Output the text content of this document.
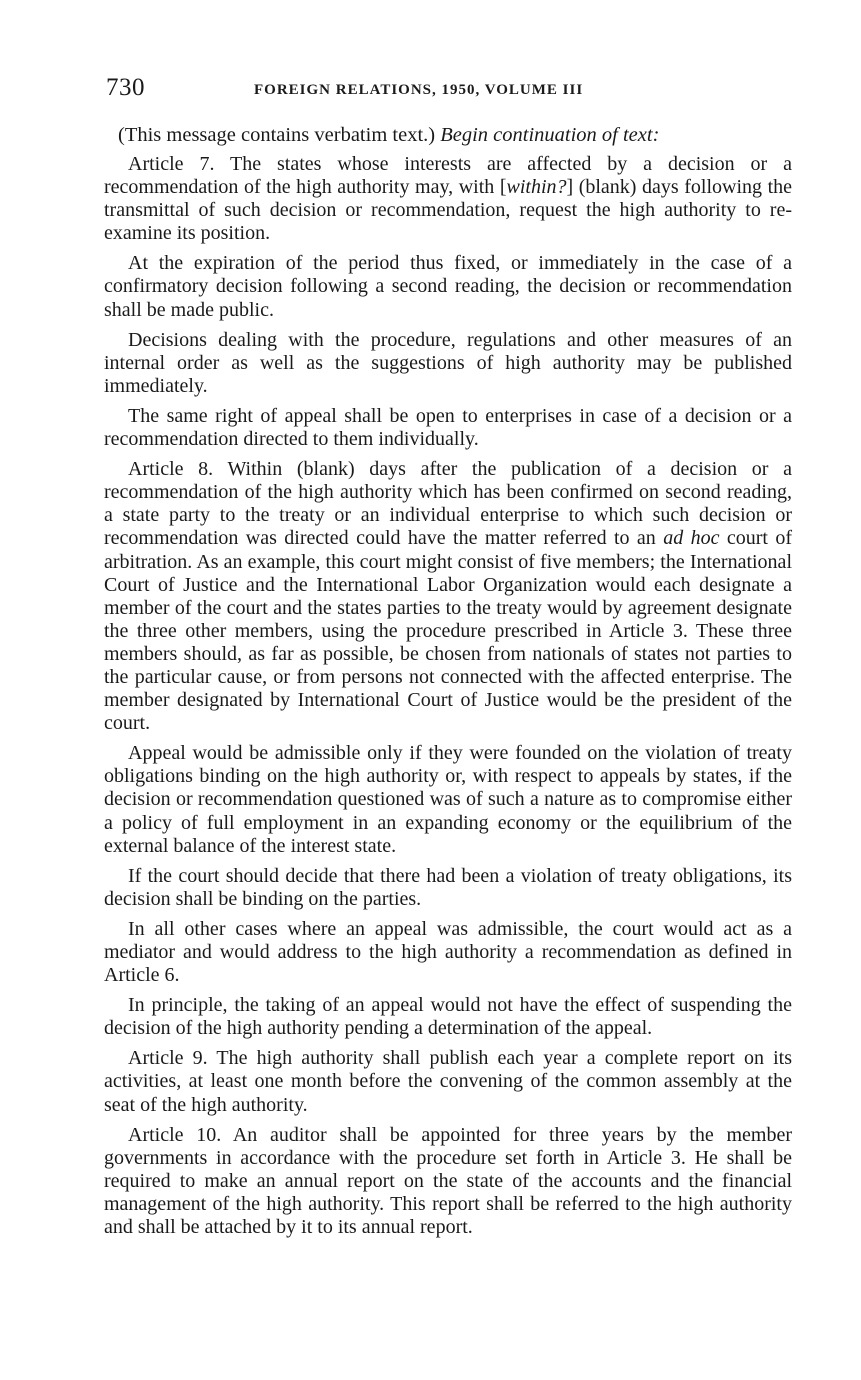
730	FOREIGN RELATIONS, 1950, VOLUME III
(This message contains verbatim text.) Begin continuation of text:

Article 7. The states whose interests are affected by a decision or a recommendation of the high authority may, with [within?] (blank) days following the transmittal of such decision or recommendation, request the high authority to re-examine its position.

At the expiration of the period thus fixed, or immediately in the case of a confirmatory decision following a second reading, the decision or recommendation shall be made public.

Decisions dealing with the procedure, regulations and other measures of an internal order as well as the suggestions of high authority may be published immediately.

The same right of appeal shall be open to enterprises in case of a decision or a recommendation directed to them individually.

Article 8. Within (blank) days after the publication of a decision or a recommendation of the high authority which has been confirmed on second reading, a state party to the treaty or an individual enterprise to which such decision or recommendation was directed could have the matter referred to an ad hoc court of arbitration. As an example, this court might consist of five members; the International Court of Justice and the International Labor Organization would each designate a member of the court and the states parties to the treaty would by agreement designate the three other members, using the procedure prescribed in Article 3. These three members should, as far as possible, be chosen from nationals of states not parties to the particular cause, or from persons not connected with the affected enterprise. The member designated by International Court of Justice would be the president of the court.

Appeal would be admissible only if they were founded on the violation of treaty obligations binding on the high authority or, with respect to appeals by states, if the decision or recommendation questioned was of such a nature as to compromise either a policy of full employment in an expanding economy or the equilibrium of the external balance of the interest state.

If the court should decide that there had been a violation of treaty obligations, its decision shall be binding on the parties.

In all other cases where an appeal was admissible, the court would act as a mediator and would address to the high authority a recommendation as defined in Article 6.

In principle, the taking of an appeal would not have the effect of suspending the decision of the high authority pending a determination of the appeal.

Article 9. The high authority shall publish each year a complete report on its activities, at least one month before the convening of the common assembly at the seat of the high authority.

Article 10. An auditor shall be appointed for three years by the member governments in accordance with the procedure set forth in Article 3. He shall be required to make an annual report on the state of the accounts and the financial management of the high authority. This report shall be referred to the high authority and shall be attached by it to its annual report.
